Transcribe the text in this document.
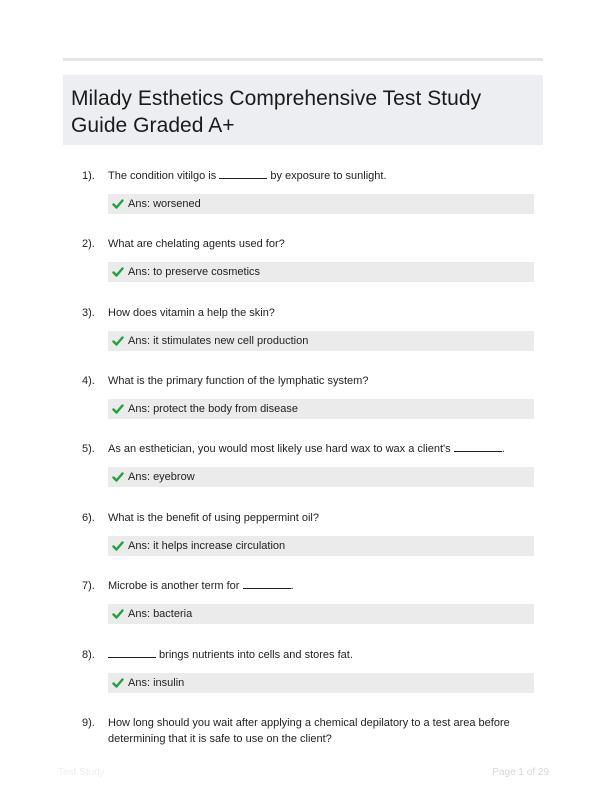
Milady Esthetics Comprehensive Test Study Guide Graded A+
1). The condition vitilgo is	by exposure to sunlight.
Ans: worsened
2). What are chelating agents used for?
Ans: to preserve cosmetics
3). How does vitamin a help the skin?
Ans: it stimulates new cell production
4). What is the primary function of the lymphatic system?
Ans: protect the body from disease
5). As an esthetician, you would most likely use hard wax to wax a client's	.
Ans: eyebrow
6). What is the benefit of using peppermint oil?
Ans: it helps increase circulation
7). Microbe is another term for	.
Ans: bacteria
8).	brings nutrients into cells and stores fat.
Ans: insulin
9). How long should you wait after applying a chemical depilatory to a test area before determining that it is safe to use on the client?
Test Study	Page 1 of 29
